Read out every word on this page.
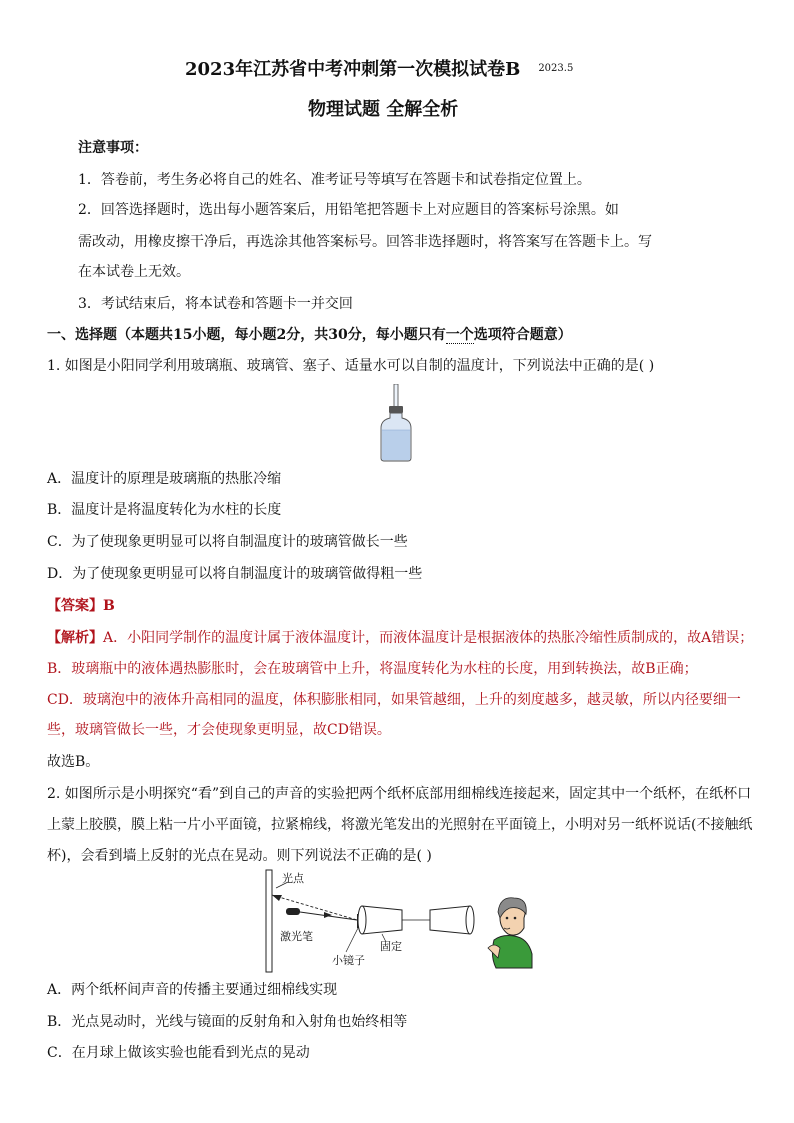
2023年江苏省中考冲刺第一次模拟试卷B $^{2023.5}$
物理试题 全解全析
注意事项：
1．答卷前，考生务必将自己的姓名、准考证号等填写在答题卡和试卷指定位置上。
2．回答选择题时，选出每小题答案后，用铅笔把答题卡上对应题目的答案标号涂黑。如
需改动，用橡皮擦干净后，再选涂其他答案标号。回答非选择题时，将答案写在答题卡上。写
在本试卷上无效。
3．考试结束后，将本试卷和答题卡一并交回
一、选择题（本题共15小题，每小题2分，共30分，每小题只有一个选项符合题意）
1. 如图是小阳同学利用玻璃瓶、玻璃管、塞子、适量水可以自制的温度计，下列说法中正确的是( )
A．温度计的原理是玻璃瓶的热胀冷缩
B．温度计是将温度转化为水柱的长度
C．为了使现象更明显可以将自制温度计的玻璃管做长一些
D．为了使现象更明显可以将自制温度计的玻璃管做得粗一些
【答案】B
【解析】A．小阳同学制作的温度计属于液体温度计，而液体温度计是根据液体的热胀冷缩性质制成的，故A错误；
B．玻璃瓶中的液体遇热膨胀时，会在玻璃管中上升，将温度转化为水柱的长度，用到转换法，故B正确；
CD．玻璃泡中的液体升高相同的温度，体积膨胀相同，如果管越细，上升的刻度越多，越灵敏，所以内径要细一
些，玻璃管做长一些，才会使现象更明显，故CD错误。
故选B。
2. 如图所示是小明探究“看”到自己的声音的实验把两个纸杯底部用细棉线连接起来，固定其中一个纸杯，在纸杯口
上蒙上胶膜，膜上粘一片小平面镜，拉紧棉线，将激光笔发出的光照射在平面镜上，小明对另一纸杯说话(不接触纸
杯)，会看到墙上反射的光点在晃动。则下列说法不正确的是( )
光点
激光笔
固定
小镜子
A．两个纸杯间声音的传播主要通过细棉线实现
B．光点晃动时，光线与镜面的反射角和入射角也始终相等
C．在月球上做该实验也能看到光点的晃动
